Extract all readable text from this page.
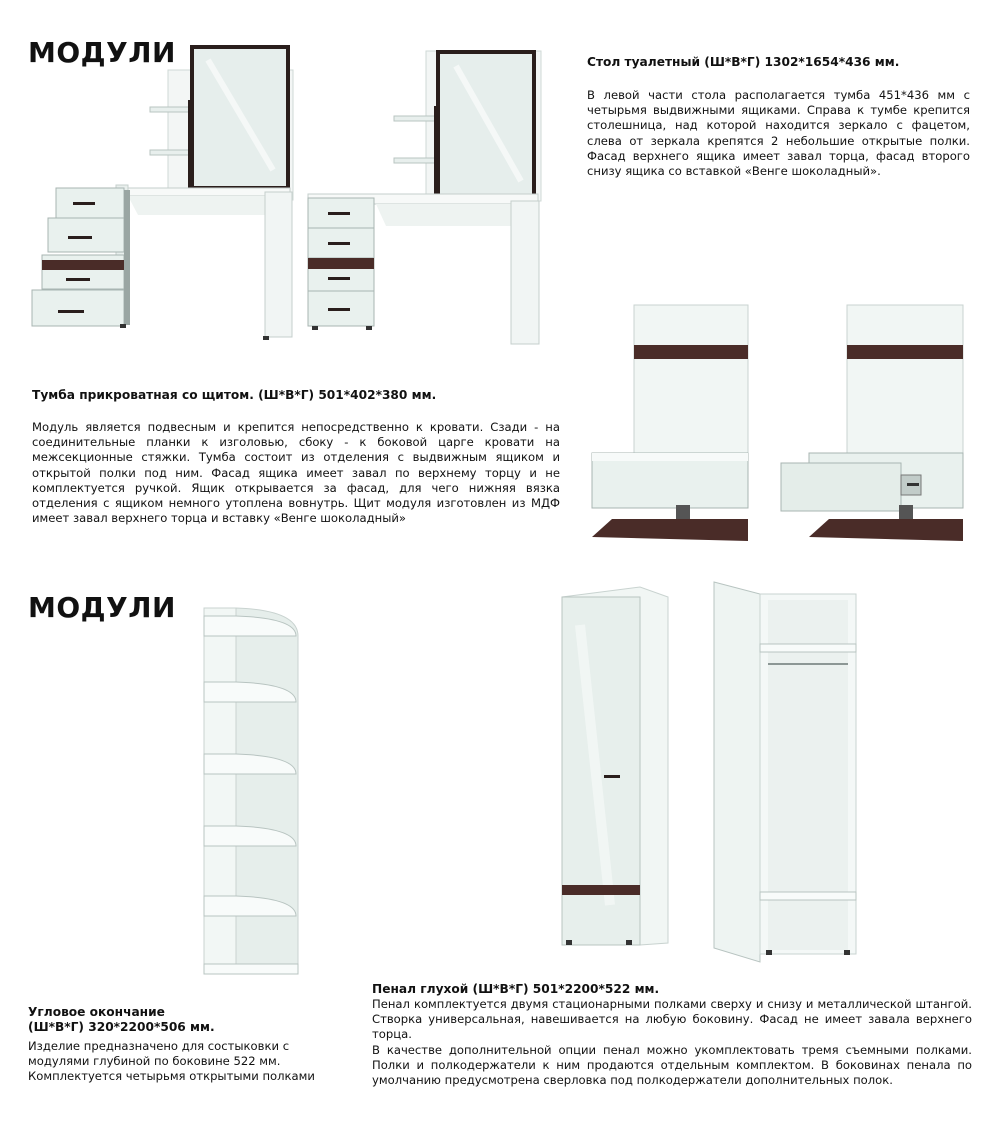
МОДУЛИ	Стол туалетный (Ш*В*Г) 1302*1654*436 мм.
В левой части стола располагается тумба 451*436 мм с четырьмя выдвижными ящиками. Справа к тумбе крепится столешница, над которой находится зеркало с фацетом, слева от зеркала крепятся 2 небольшие открытые полки. Фасад верхнего ящика имеет завал торца, фасад второго снизу ящика со вставкой «Венге шоколадный».
Тумба прикроватная со щитом. (Ш*В*Г) 501*402*380 мм.
Модуль является подвесным и крепится непосредственно к кровати. Сзади - на соединительные планки к изголовью, сбоку - к боковой царге кровати на межсекционные стяжки. Тумба состоит из отделения с выдвижным ящиком и открытой полки под ним. Фасад ящика имеет завал по верхнему торцу и не комплектуется ручкой. Ящик открывается за фасад, для чего нижняя вязка отделения с ящиком немного утоплена вовнутрь. Щит модуля изготовлен из МДФ имеет завал верхнего торца и вставку «Венге шоколадный»
МОДУЛИ
Угловое окончание
(Ш*В*Г) 320*2200*506 мм.
Изделие предназначено для состыковки с модулями глубиной по боковине 522 мм. Комплектуется четырьмя открытыми полками
Пенал глухой (Ш*В*Г) 501*2200*522 мм.

Пенал комплектуется двумя стационарными полками сверху и снизу и металлической штангой. Створка универсальная, навешивается на любую боковину. Фасад не имеет завала верхнего торца.

В качестве дополнительной опции пенал можно укомплектовать тремя съемными полками. Полки и полкодержатели к ним продаются отдельным комплектом. В боковинах пенала по умолчанию предусмотрена сверловка под полкодержатели дополнительных полок.
